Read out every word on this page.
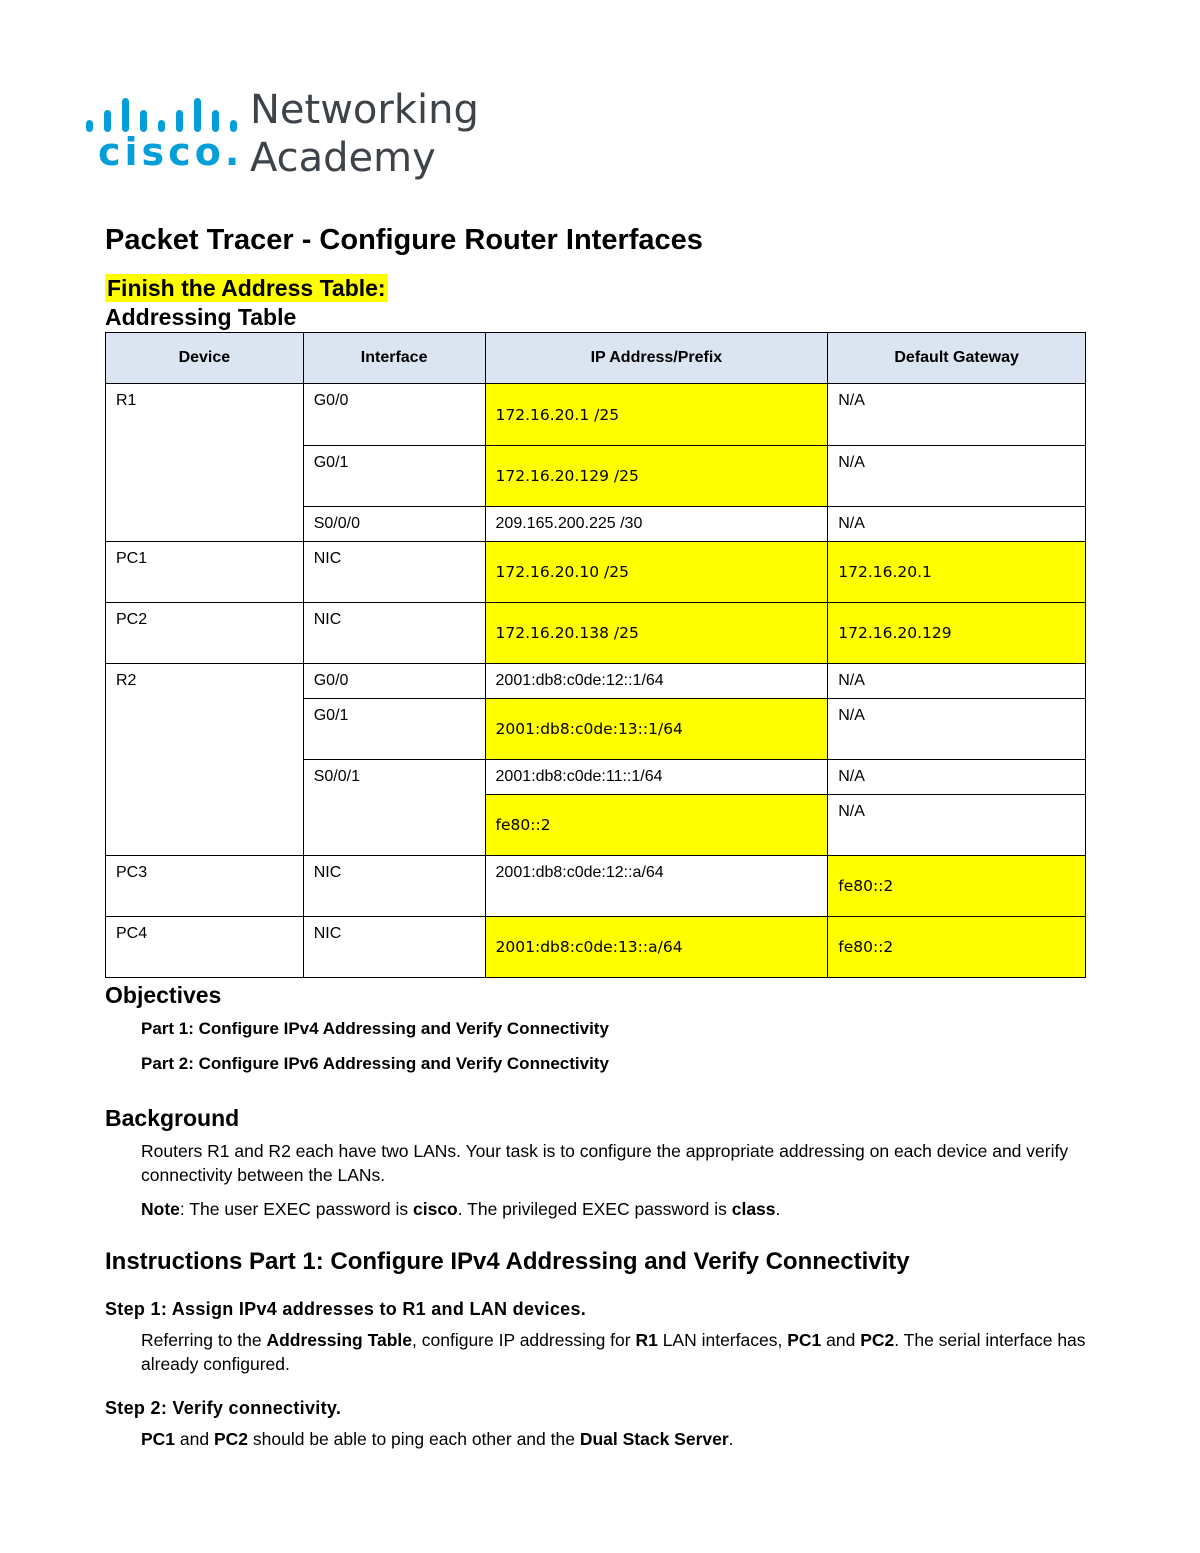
cisco.
Networking
Academy
Packet Tracer - Configure Router Interfaces
Finish the Address Table:
Addressing Table
Device	Interface	IP Address/Prefix	Default Gateway
R1	G0/0	172.16.20.1 /25	N/A
	G0/1	172.16.20.129 /25	N/A
	S0/0/0	209.165.200.225 /30	N/A
PC1	NIC	172.16.20.10 /25	172.16.20.1
PC2	NIC	172.16.20.138 /25	172.16.20.129
R2	G0/0	2001:db8:c0de:12::1/64	N/A
	G0/1	2001:db8:c0de:13::1/64	N/A
	S0/0/1	2001:db8:c0de:11::1/64	N/A
		fe80::2	N/A
PC3	NIC	2001:db8:c0de:12::a/64	fe80::2
PC4	NIC	2001:db8:c0de:13::a/64	fe80::2
Objectives
Part 1: Configure IPv4 Addressing and Verify Connectivity
Part 2: Configure IPv6 Addressing and Verify Connectivity
Background
Routers R1 and R2 each have two LANs. Your task is to configure the appropriate addressing on each device and verify connectivity between the LANs.
Note: The user EXEC password is cisco. The privileged EXEC password is class.
Instructions Part 1: Configure IPv4 Addressing and Verify Connectivity
Step 1: Assign IPv4 addresses to R1 and LAN devices.
Referring to the Addressing Table, configure IP addressing for R1 LAN interfaces, PC1 and PC2. The serial interface has already configured.
Step 2: Verify connectivity.
PC1 and PC2 should be able to ping each other and the Dual Stack Server.
